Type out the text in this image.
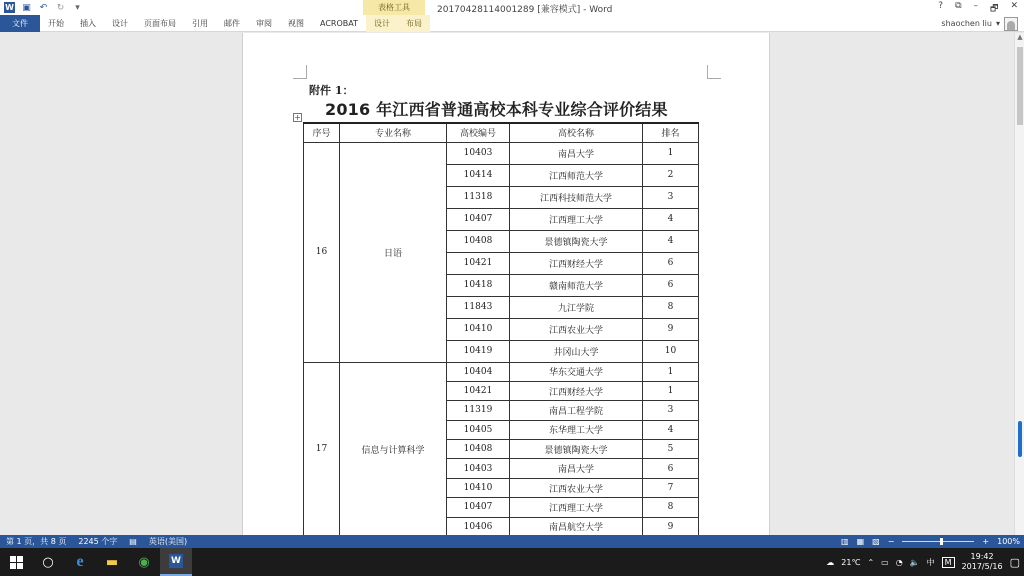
W ▣ ↶ ↻	▾	表格工具	20170428114001289 [兼容模式] - Word	? ⧉ – 🗗 ✕
文件	开始	插入	设计	页面布局	引用	邮件	审阅	视图	ACROBAT	设计	布局	shaochen liu ▾
附件 1：
2016 年江西省普通高校本科专业综合评价结果
+
序号	专业名称	高校编号	高校名称	排名
16	日语	10403	南昌大学	1
		10414	江西师范大学	2
		11318	江西科技师范大学	3
		10407	江西理工大学	4
		10408	景德镇陶瓷大学	4
		10421	江西财经大学	6
		10418	赣南师范大学	6
		11843	九江学院	8
		10410	江西农业大学	9
		10419	井冈山大学	10
17	信息与计算科学	10404	华东交通大学	1
		10421	江西财经大学	1
		11319	南昌工程学院	3
		10405	东华理工大学	4
		10408	景德镇陶瓷大学	5
		10403	南昌大学	6
		10410	江西农业大学	7
		10407	江西理工大学	8
		10406	南昌航空大学	9
▲
第 1 页，共 8 页	2245 个字	▤	英语(美国)	▥ ▦ ▧ −	+ 100%
○	e	▬	◉	W	☁ 21℃ ⌃ ▭ ◔ 🔈 中	M
19:42
2017/5/16 ▢
